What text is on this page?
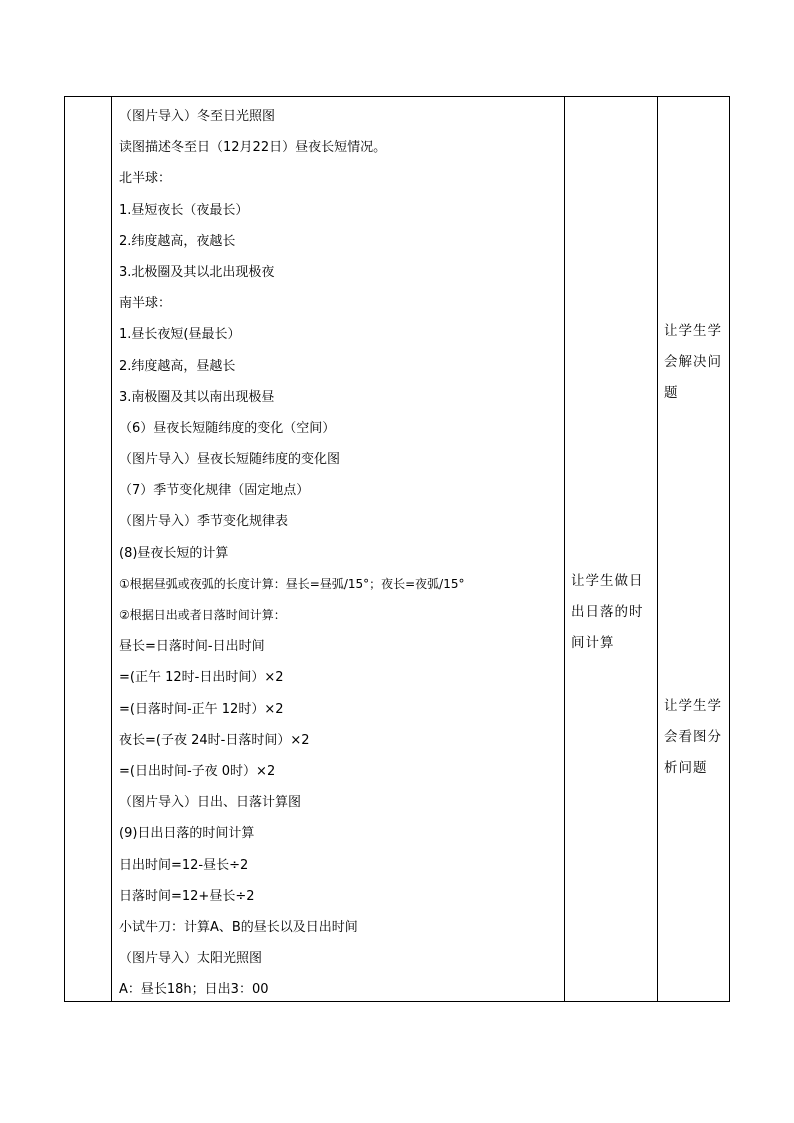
（图片导入）冬至日光照图
读图描述冬至日（12月22日）昼夜长短情况。
北半球：
1.昼短夜长（夜最长）
2.纬度越高，夜越长
3.北极圈及其以北出现极夜
南半球：
1.昼长夜短(昼最长）
2.纬度越高，昼越长
3.南极圈及其以南出现极昼
（6）昼夜长短随纬度的变化（空间）
（图片导入）昼夜长短随纬度的变化图
（7）季节变化规律（固定地点）
（图片导入）季节变化规律表
(8)昼夜长短的计算
①根据昼弧或夜弧的长度计算：昼长=昼弧/15°；夜长=夜弧/15°
②根据日出或者日落时间计算：
昼长=日落时间-日出时间
=(正午 12时-日出时间）×2
=(日落时间-正午 12时）×2
夜长=(子夜 24时-日落时间）×2
=(日出时间-子夜 0时）×2
（图片导入）日出、日落计算图
(9)日出日落的时间计算
日出时间=12-昼长÷2
日落时间=12+昼长÷2
小试牛刀：计算A、B的昼长以及日出时间
（图片导入）太阳光照图
A：昼长18h；日出3：00
让学生做日
出日落的时
间计算
让学生学
会解决问
题
让学生学
会看图分
析问题
